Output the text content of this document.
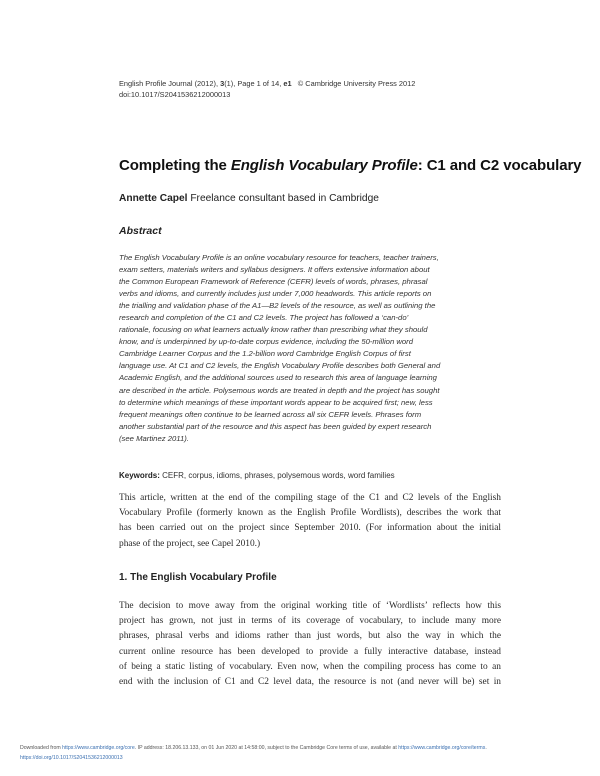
English Profile Journal (2012), 3(1), Page 1 of 14, e1 © Cambridge University Press 2012
doi:10.1017/S2041536212000013
Completing the English Vocabulary Profile: C1 and C2 vocabulary
Annette Capel Freelance consultant based in Cambridge
Abstract
The English Vocabulary Profile is an online vocabulary resource for teachers, teacher trainers,
exam setters, materials writers and syllabus designers. It offers extensive information about
the Common European Framework of Reference (CEFR) levels of words, phrases, phrasal
verbs and idioms, and currently includes just under 7,000 headwords. This article reports on
the trialling and validation phase of the A1—B2 levels of the resource, as well as outlining the
research and completion of the C1 and C2 levels. The project has followed a ‘can-do’
rationale, focusing on what learners actually know rather than prescribing what they should
know, and is underpinned by up-to-date corpus evidence, including the 50-million word
Cambridge Learner Corpus and the 1.2-billion word Cambridge English Corpus of first
language use. At C1 and C2 levels, the English Vocabulary Profile describes both General and
Academic English, and the additional sources used to research this area of language learning
are described in the article. Polysemous words are treated in depth and the project has sought
to determine which meanings of these important words appear to be acquired first; new, less
frequent meanings often continue to be learned across all six CEFR levels. Phrases form
another substantial part of the resource and this aspect has been guided by expert research
(see Martinez 2011).
Keywords: CEFR, corpus, idioms, phrases, polysemous words, word families
This article, written at the end of the compiling stage of the C1 and C2 levels of the English
Vocabulary Profile (formerly known as the English Profile Wordlists), describes the work that
has been carried out on the project since September 2010. (For information about the initial
phase of the project, see Capel 2010.)
1. The English Vocabulary Profile
The decision to move away from the original working title of ‘Wordlists’ reflects how this
project has grown, not just in terms of its coverage of vocabulary, to include many more
phrases, phrasal verbs and idioms rather than just words, but also the way in which the
current online resource has been developed to provide a fully interactive database, instead
of being a static listing of vocabulary. Even now, when the compiling process has come to an
end with the inclusion of C1 and C2 level data, the resource is not (and never will be) set in
Downloaded from https://www.cambridge.org/core. IP address: 18.206.13.133, on 01 Jun 2020 at 14:58:00, subject to the Cambridge Core terms of use, available at https://www.cambridge.org/core/terms.
https://doi.org/10.1017/S2041536212000013
